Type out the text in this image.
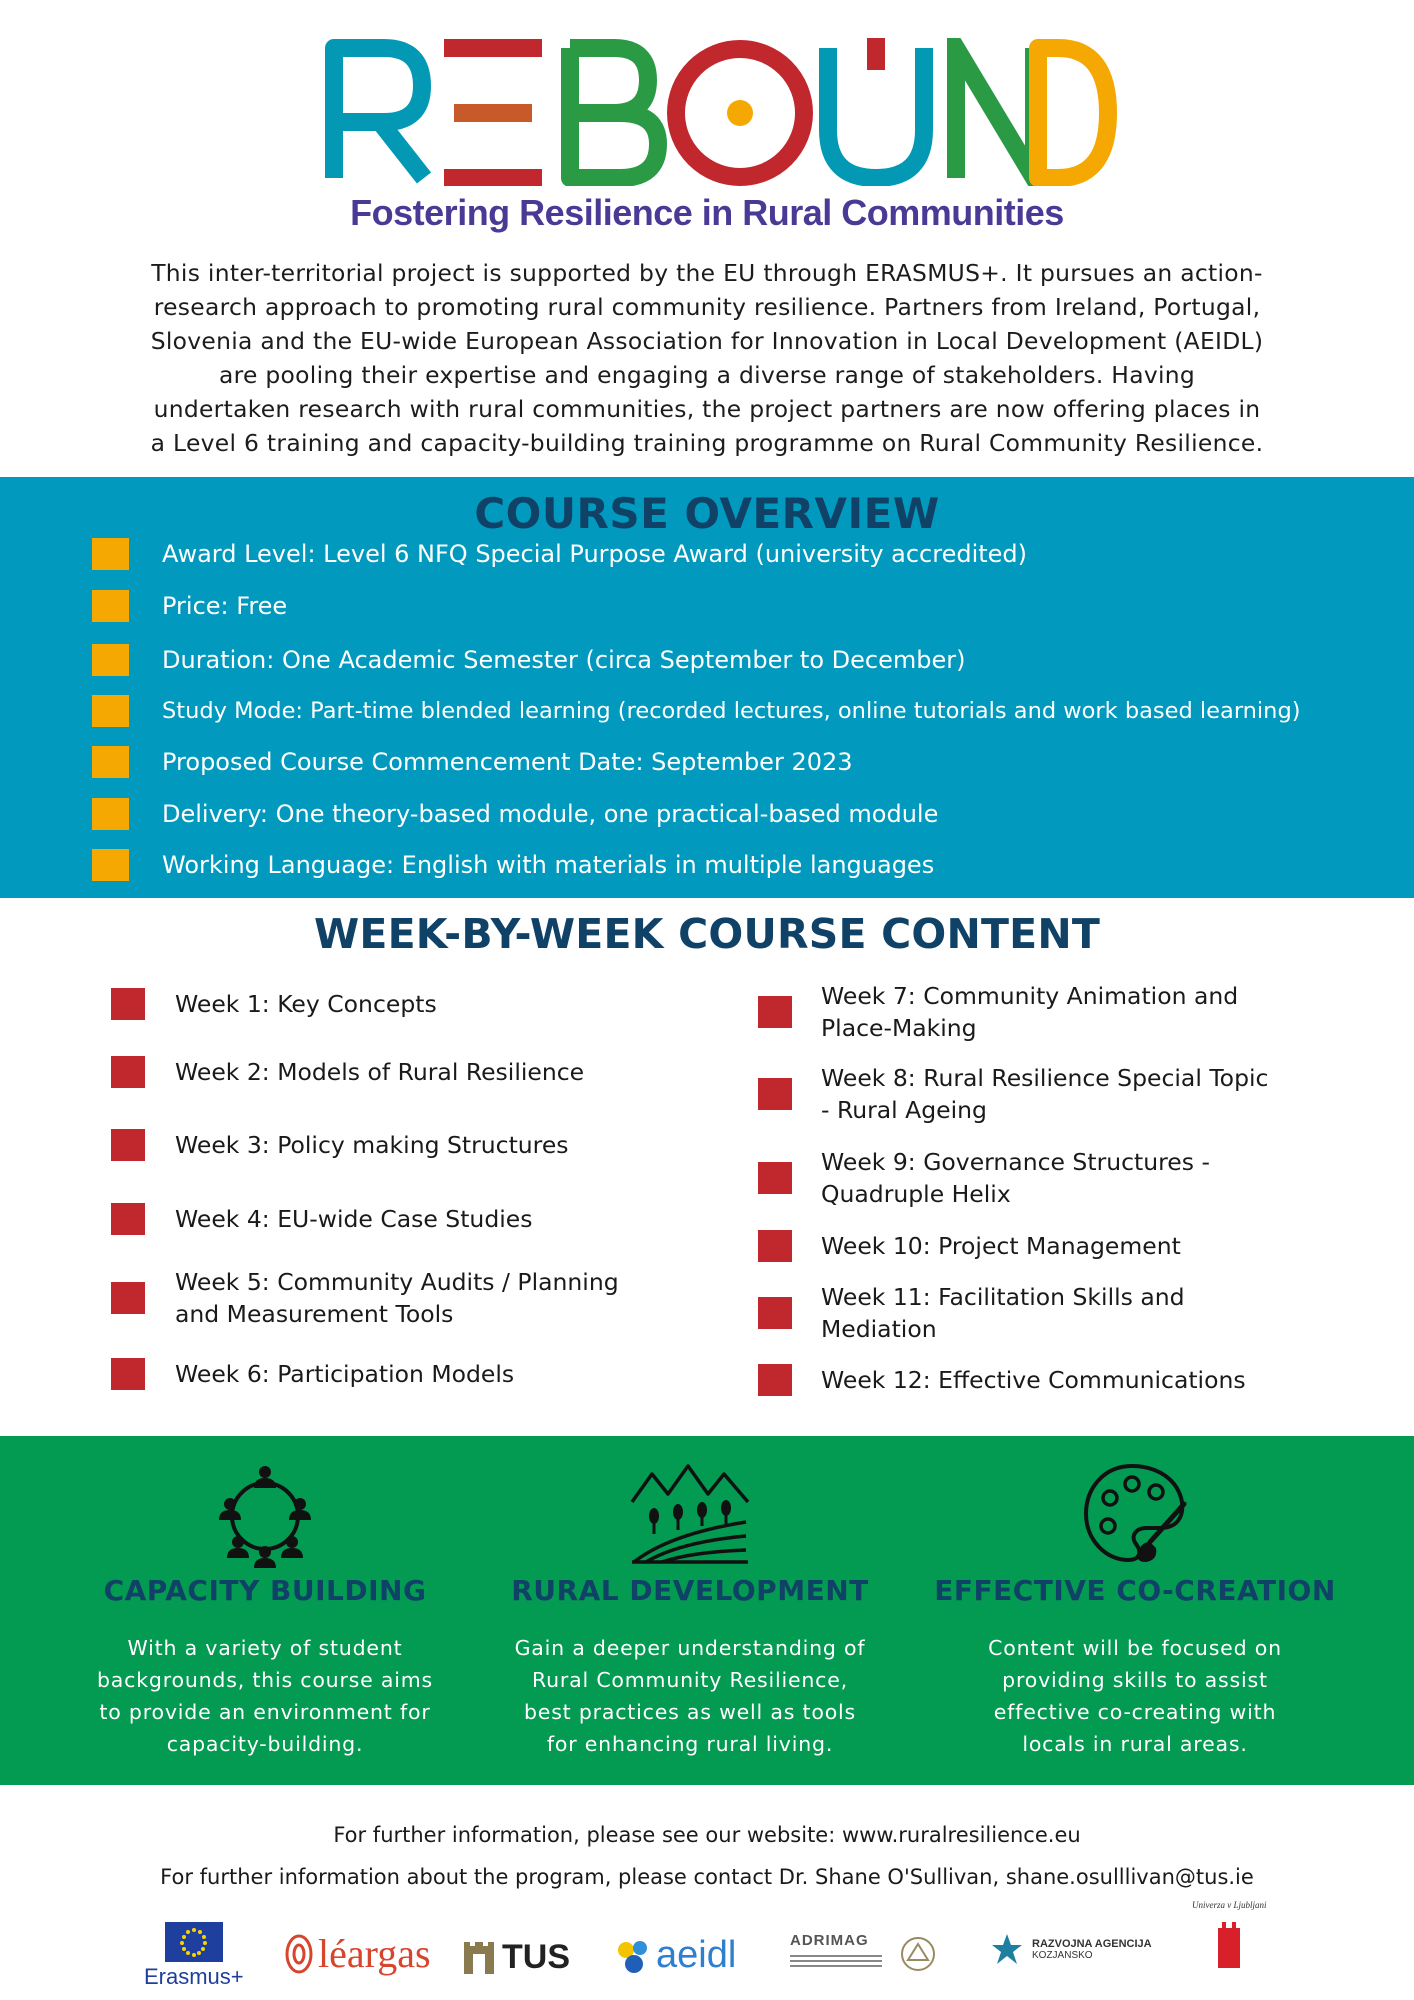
Fostering Resilience in Rural Communities
This inter-territorial project is supported by the EU through ERASMUS+. It pursues an action-
research approach to promoting rural community resilience. Partners from Ireland, Portugal,
Slovenia and the EU-wide European Association for Innovation in Local Development (AEIDL)
are pooling their expertise and engaging a diverse range of stakeholders. Having
undertaken research with rural communities, the project partners are now offering places in
a Level 6 training and capacity-building training programme on Rural Community Resilience.
COURSE OVERVIEW
Award Level: Level 6 NFQ Special Purpose Award (university accredited)
Price: Free
Duration: One Academic Semester (circa September to December)
Study Mode: Part-time blended learning (recorded lectures, online tutorials and work based learning)
Proposed Course Commencement Date: September 2023
Delivery: One theory-based module, one practical-based module
Working Language: English with materials in multiple languages
WEEK-BY-WEEK COURSE CONTENT
Week 1: Key Concepts
Week 2: Models of Rural Resilience
Week 3: Policy making Structures
Week 4: EU-wide Case Studies
Week 5: Community Audits / Planning
and Measurement Tools
Week 6: Participation Models
Week 7: Community Animation and
Place-Making
Week 8: Rural Resilience Special Topic
- Rural Ageing
Week 9: Governance Structures -
Quadruple Helix
Week 10: Project Management
Week 11: Facilitation Skills and
Mediation
Week 12: Effective Communications
CAPACITY BUILDING
With a variety of student
backgrounds, this course aims
to provide an environment for
capacity-building.
RURAL DEVELOPMENT
Gain a deeper understanding of
Rural Community Resilience,
best practices as well as tools
for enhancing rural living.
EFFECTIVE CO-CREATION
Content will be focused on
providing skills to assist
effective co-creating with
locals in rural areas.
For further information, please see our website: www.ruralresilience.eu
For further information about the program, please contact Dr. Shane O'Sullivan, shane.osulllivan@tus.ie
Erasmus+
léargas TUS aeidl	ADRIMAG	RAZVOJNA AGENCIJA
KOZJANSKO
Univerza v Ljubljani
